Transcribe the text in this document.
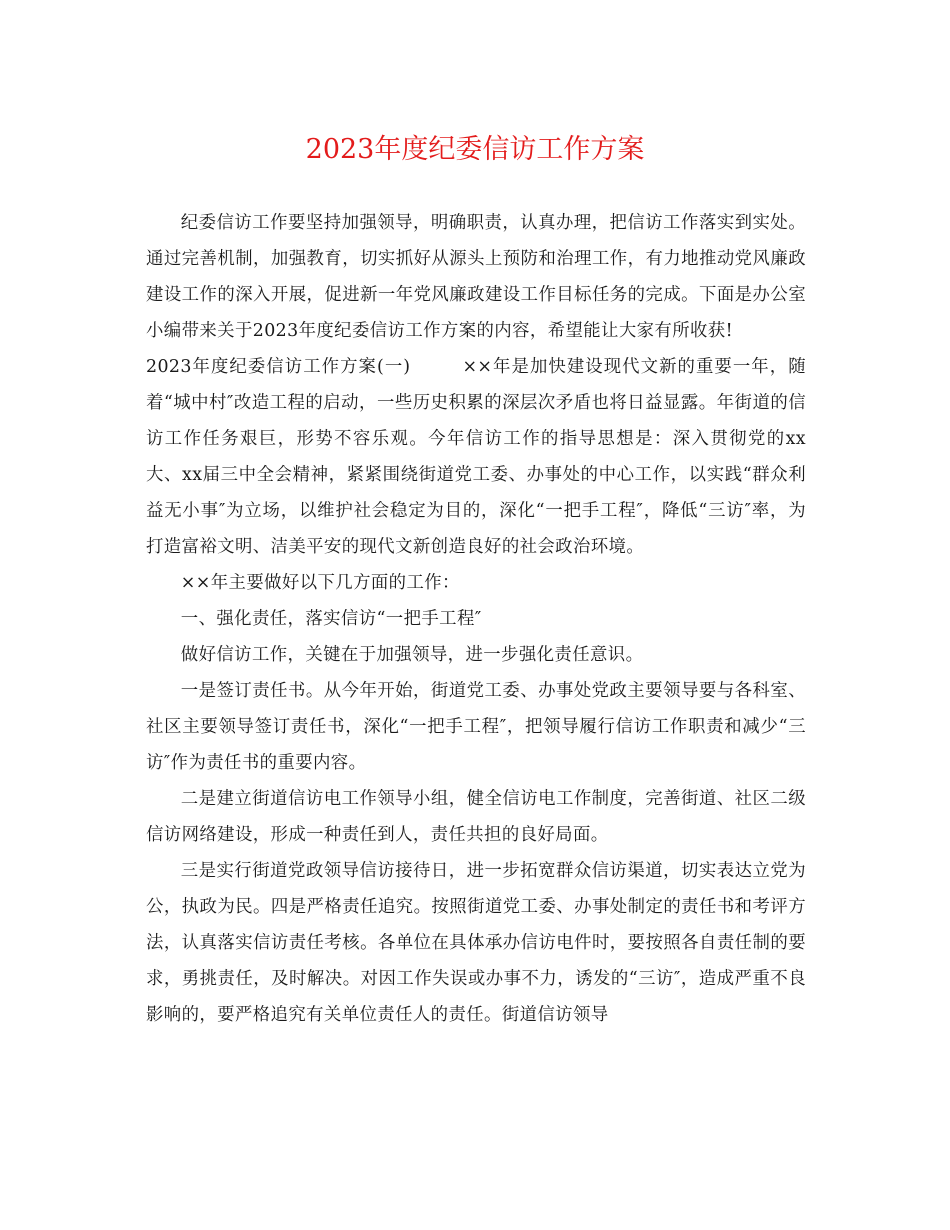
2023年度纪委信访工作方案

纪委信访工作要坚持加强领导，明确职责，认真办理，把信访工作落实到实处。通过完善机制，加强教育，切实抓好从源头上预防和治理工作，有力地推动党风廉政建设工作的深入开展，促进新一年党风廉政建设工作目标任务的完成。下面是办公室小编带来关于2023年度纪委信访工作方案的内容，希望能让大家有所收获!

2023年度纪委信访工作方案(一)	××年是加快建设现代文新的重要一年，随着“城中村″改造工程的启动，一些历史积累的深层次矛盾也将日益显露。年街道的信访工作任务艰巨，形势不容乐观。今年信访工作的指导思想是：深入贯彻党的xx大、xx届三中全会精神，紧紧围绕街道党工委、办事处的中心工作，以实践“群众利益无小事″为立场，以维护社会稳定为目的，深化“一把手工程″，降低“三访″率，为打造富裕文明、洁美平安的现代文新创造良好的社会政治环境。

××年主要做好以下几方面的工作：

一、强化责任，落实信访“一把手工程″

做好信访工作，关键在于加强领导，进一步强化责任意识。

一是签订责任书。从今年开始，街道党工委、办事处党政主要领导要与各科室、社区主要领导签订责任书，深化“一把手工程″，把领导履行信访工作职责和减少“三访″作为责任书的重要内容。

二是建立街道信访电工作领导小组，健全信访电工作制度，完善街道、社区二级信访网络建设，形成一种责任到人，责任共担的良好局面。

三是实行街道党政领导信访接待日，进一步拓宽群众信访渠道，切实表达立党为公，执政为民。四是严格责任追究。按照街道党工委、办事处制定的责任书和考评方法，认真落实信访责任考核。各单位在具体承办信访电件时，要按照各自责任制的要求，勇挑责任，及时解决。对因工作失误或办事不力，诱发的“三访″，造成严重不良影响的，要严格追究有关单位责任人的责任。街道信访领导
